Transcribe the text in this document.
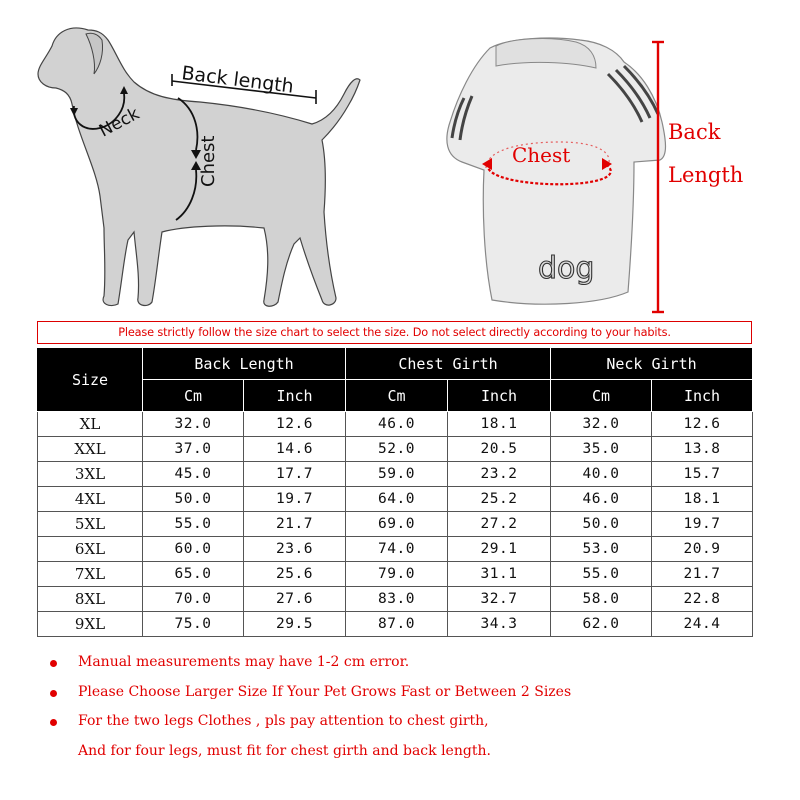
Back length
Neck
Chest
dog
Chest
Back
Length
Please strictly follow the size chart to select the size. Do not select directly according to your habits.
Size	Back Length		Chest Girth		Neck Girth	
	Cm	Inch	Cm	Inch	Cm	Inch
XL	32.0	12.6	46.0	18.1	32.0	12.6
XXL	37.0	14.6	52.0	20.5	35.0	13.8
3XL	45.0	17.7	59.0	23.2	40.0	15.7
4XL	50.0	19.7	64.0	25.2	46.0	18.1
5XL	55.0	21.7	69.0	27.2	50.0	19.7
6XL	60.0	23.6	74.0	29.1	53.0	20.9
7XL	65.0	25.6	79.0	31.1	55.0	21.7
8XL	70.0	27.6	83.0	32.7	58.0	22.8
9XL	75.0	29.5	87.0	34.3	62.0	24.4
Manual measurements may have 1-2 cm error.
Please Choose Larger Size If Your Pet Grows Fast or Between 2 Sizes
For the two legs Clothes , pls pay attention to chest girth,
And for four legs, must fit for chest girth and back length.
